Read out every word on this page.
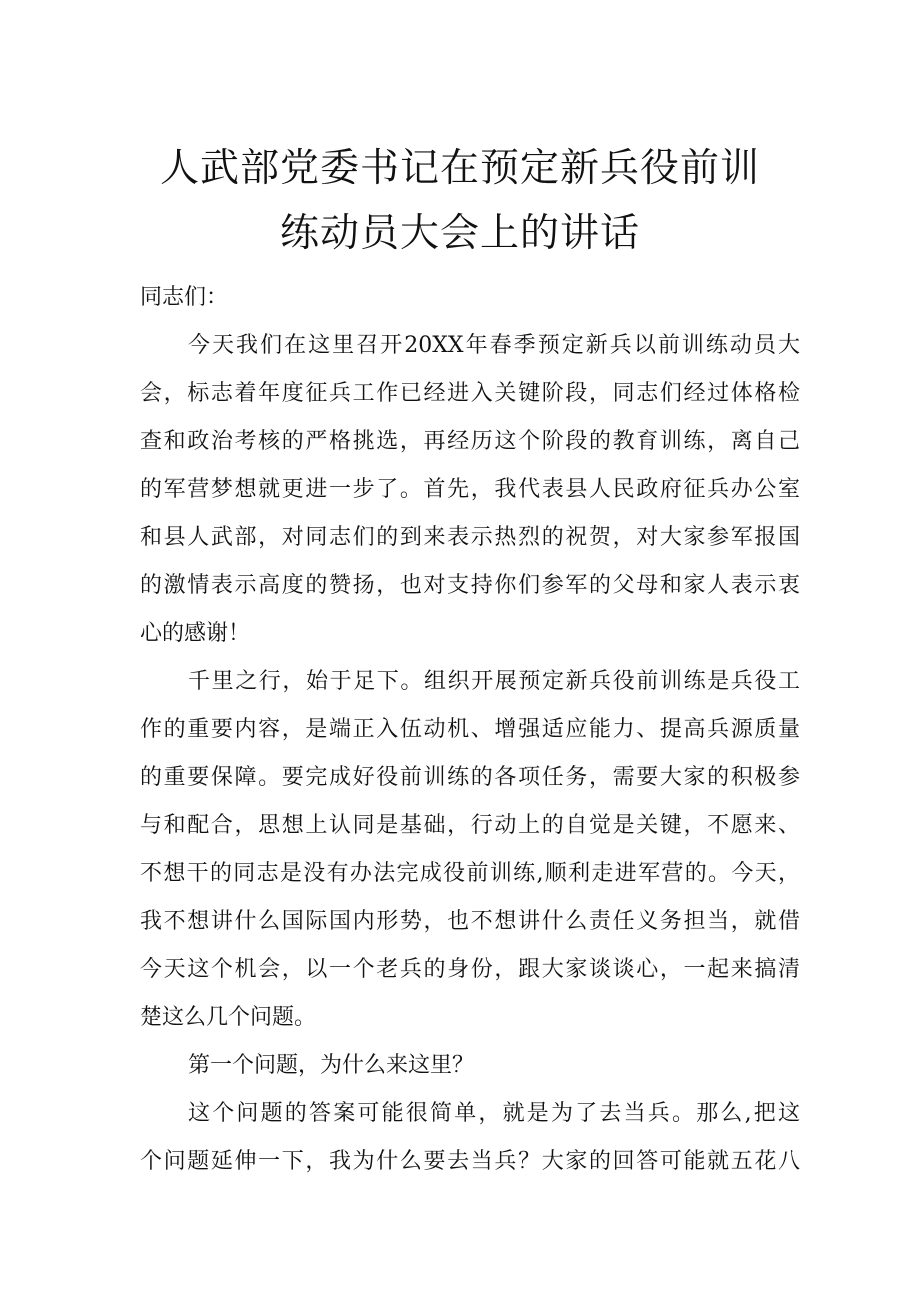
人武部党委书记在预定新兵役前训
练动员大会上的讲话
同志们：
今天我们在这里召开20XX年春季预定新兵以前训练动员大
会，标志着年度征兵工作已经进入关键阶段，同志们经过体格检
查和政治考核的严格挑选，再经历这个阶段的教育训练，离自己
的军营梦想就更进一步了。首先，我代表县人民政府征兵办公室
和县人武部，对同志们的到来表示热烈的祝贺，对大家参军报国
的激情表示高度的赞扬，也对支持你们参军的父母和家人表示衷
心的感谢！
千里之行，始于足下。组织开展预定新兵役前训练是兵役工
作的重要内容，是端正入伍动机、增强适应能力、提高兵源质量
的重要保障。要完成好役前训练的各项任务，需要大家的积极参
与和配合，思想上认同是基础，行动上的自觉是关键，不愿来、
不想干的同志是没有办法完成役前训练,顺利走进军营的。今天，
我不想讲什么国际国内形势，也不想讲什么责任义务担当，就借
今天这个机会，以一个老兵的身份，跟大家谈谈心，一起来搞清
楚这么几个问题。
第一个问题，为什么来这里？
这个问题的答案可能很简单，就是为了去当兵。那么,把这
个问题延伸一下，我为什么要去当兵？大家的回答可能就五花八
